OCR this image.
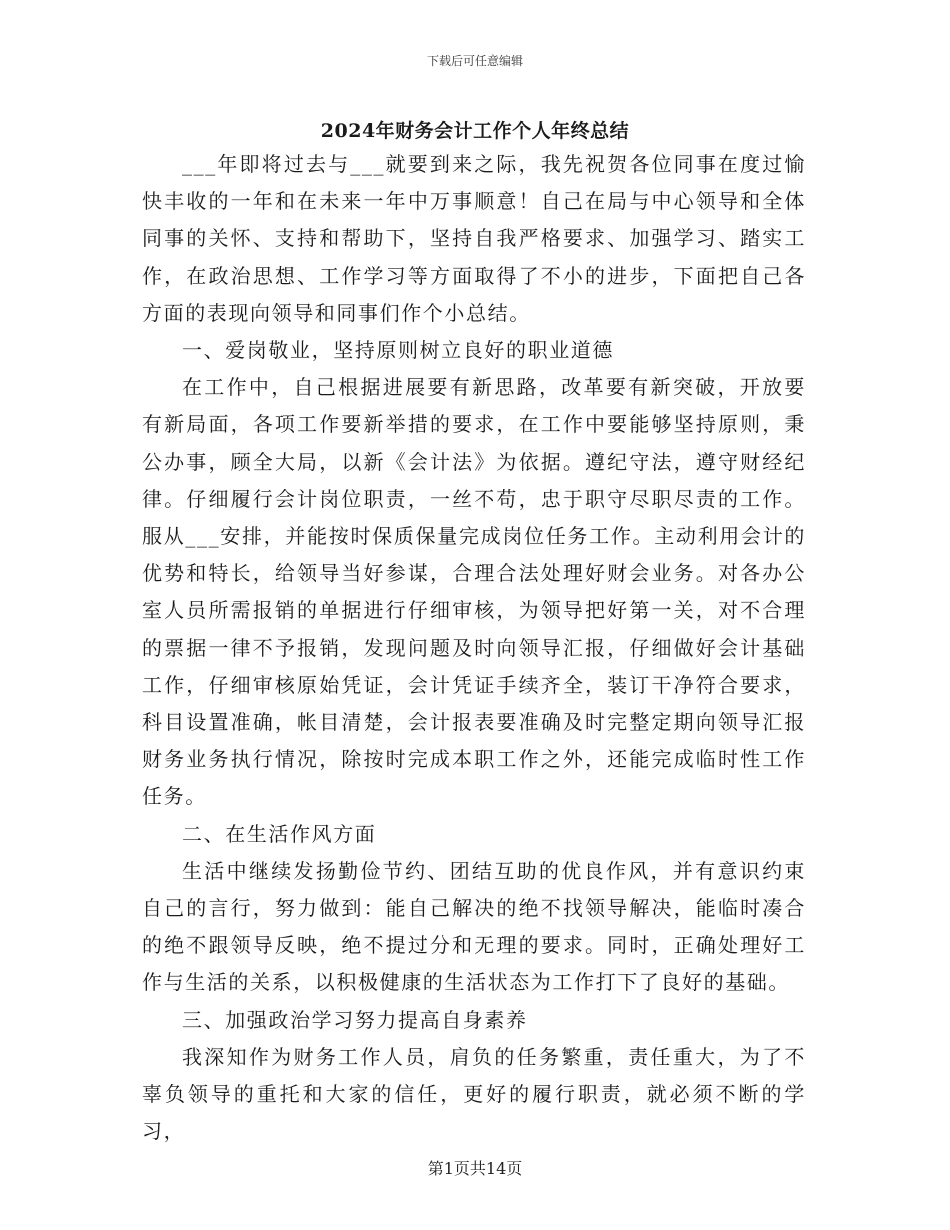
下载后可任意编辑
2024年财务会计工作个人年终总结

___年即将过去与___就要到来之际，我先祝贺各位同事在度过愉快丰收的一年和在未来一年中万事顺意！自己在局与中心领导和全体同事的关怀、支持和帮助下，坚持自我严格要求、加强学习、踏实工作，在政治思想、工作学习等方面取得了不小的进步，下面把自己各方面的表现向领导和同事们作个小总结。

一、爱岗敬业，坚持原则树立良好的职业道德

在工作中，自己根据进展要有新思路，改革要有新突破，开放要有新局面，各项工作要新举措的要求，在工作中要能够坚持原则，秉公办事，顾全大局，以新《会计法》为依据。遵纪守法，遵守财经纪律。仔细履行会计岗位职责，一丝不苟，忠于职守尽职尽责的工作。服从___安排，并能按时保质保量完成岗位任务工作。主动利用会计的优势和特长，给领导当好参谋，合理合法处理好财会业务。对各办公室人员所需报销的单据进行仔细审核，为领导把好第一关，对不合理的票据一律不予报销，发现问题及时向领导汇报，仔细做好会计基础工作，仔细审核原始凭证，会计凭证手续齐全，装订干净符合要求，科目设置准确，帐目清楚，会计报表要准确及时完整定期向领导汇报财务业务执行情况，除按时完成本职工作之外，还能完成临时性工作任务。

二、在生活作风方面

生活中继续发扬勤俭节约、团结互助的优良作风，并有意识约束自己的言行，努力做到：能自己解决的绝不找领导解决，能临时凑合的绝不跟领导反映，绝不提过分和无理的要求。同时，正确处理好工作与生活的关系，以积极健康的生活状态为工作打下了良好的基础。

三、加强政治学习努力提高自身素养

我深知作为财务工作人员，肩负的任务繁重，责任重大，为了不辜负领导的重托和大家的信任，更好的履行职责，就必须不断的学习，

第1页共14页
